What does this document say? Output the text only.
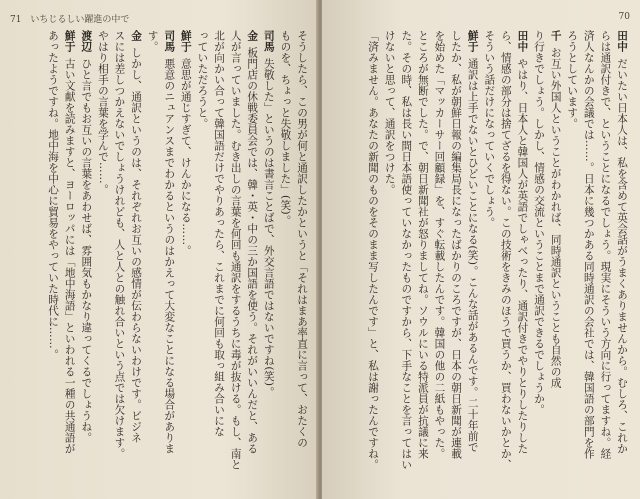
71 いちじるしい躍進の中で

そうしたら、この男が何と通訳したかというと「それはまあ率直に言って、おたくの

ものを、ちょっと失敬しました」(笑)。

司馬失敬した」というのは書言ことばで、外交言語ではないですね(笑)。

金板門店の休戦委員会では、韓・英・中の三か国語を使う。それがいいんだと、ある

人が言っていました。むき出しの言葉を何回も通訳をするうちに毒が抜ける。もし、南と

北が向かい合って韓国語だけでやりあったら、これまでに何回も取っ組み合いにな

っていただろうと。

鮮于意思が通じすぎて、けんかになる……。

司馬悪意のニュアンスまでわかるというのはかえって大変なことになる場合がありま

す。

金しかし、通訳というのは、それぞれお互いの感情が伝わらないわけです。ビジネ

スには差しつかえないでしょうけれども、人と人との触れ合いという点では欠けます。

やはり相手の言葉を学んで……。

渡辺ひと言でもお互いの言葉をあわせば、雰囲気もかなり違ってくるでしょうね。

鮮于古い文献を読みますと、ヨーロッパには「地中海語」といわれる一種の共通語が

あったようですね。地中海を中心に貿易をやっていた時代に……。

70

田中だいたい日本人は、私を含めて英会話がうまくありませんから。むしろ、これか

らは通訳付きで、ということになるでしょう。現実にそういう方向に行ってますね。経

済人なんかの会議では……。日本に幾つかある同時通訳の会社では、韓国語の部門を作

ろうとしています。

千お互い外国人ということがわかれば、同時通訳ということも自然の成

り行きでしょう。しかし、情感の交流ということまで通訳できるでしょうか。

田中やはり、日本人と韓国人が英語でしゃべったり、通訳付きでやりとりしたりした

ら、情感の部分は捨てざるを得ない。この技術をきみのほうで買うか、買わないかとか、

そういう話だけになっていくでしょう。

鮮于通訳は上手でないとひどいことになる(笑)。こんな話があるんです。二十年前で

したか、私が朝鮮日報の編集局長になったばかりのころですが、日本の朝日新聞が連載

を始めた「マッカーサー回顧録」を、すぐ転載したんです。韓国の他の二紙もやった。

ところが無断でした。で、朝日新聞社が怒りましてね。ソウルにいる特派員が抗議に来

た。その時、私は長い間日本語使っていなかったものですから、下手なことを言ってはい

けないと思って、通訳をつけた。

「済みません。あなたの新聞のものをそのまま写したんです」と、私は謝ったんですね。
